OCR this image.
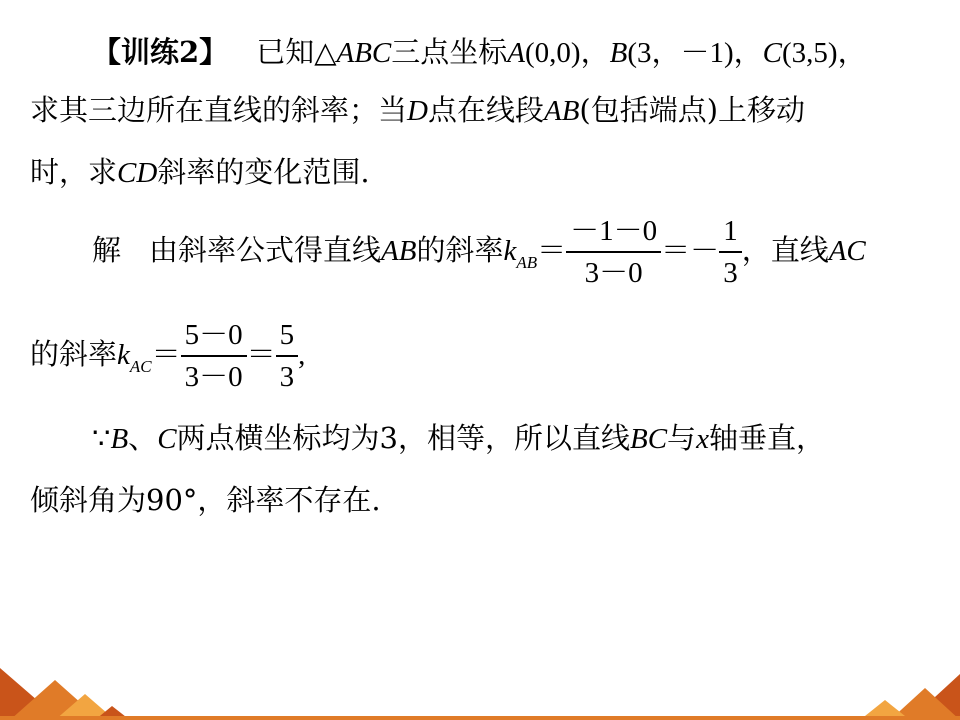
【训练2】 已知△ABC三点坐标A(0,0)，B(3，－1)，C(3,5)，
求其三边所在直线的斜率；当D点在线段AB(包括端点)上移动
时，求CD斜率的变化范围.
解 由斜率公式得直线AB的斜率$k_{AB}= \frac{-1-0}{3-0} =- \frac{1}{3}$ ，直线AC
的斜率$k_{AC}= \frac{5-0}{3-0} = \frac{5}{3}$ ,
∵B、C两点横坐标均为3，相等，所以直线BC与x轴垂直，
倾斜角为90°，斜率不存在.
